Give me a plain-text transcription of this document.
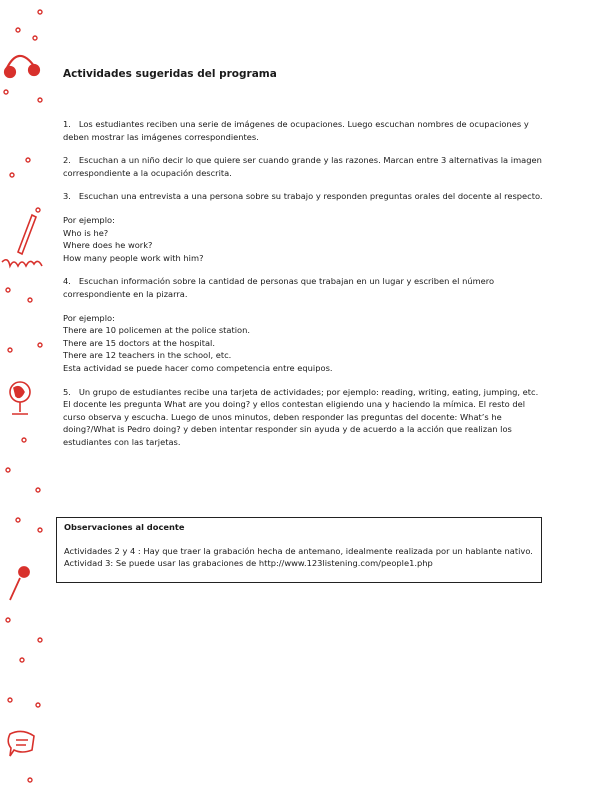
Actividades sugeridas del programa

1. Los estudiantes reciben una serie de imágenes de ocupaciones. Luego escuchan nombres de ocupaciones y deben mostrar las imágenes correspondientes.

2. Escuchan a un niño decir lo que quiere ser cuando grande y las razones. Marcan entre 3 alternativas la imagen correspondiente a la ocupación descrita.

3. Escuchan una entrevista a una persona sobre su trabajo y responden preguntas orales del docente al respecto.

Por ejemplo:
Who is he?
Where does he work?
How many people work with him?

4. Escuchan información sobre la cantidad de personas que trabajan en un lugar y escriben el número correspondiente en la pizarra.

Por ejemplo:
There are 10 policemen at the police station.
There are 15 doctors at the hospital.
There are 12 teachers in the school, etc.
Esta actividad se puede hacer como competencia entre equipos.

5. Un grupo de estudiantes recibe una tarjeta de actividades; por ejemplo: reading, writing, eating, jumping, etc. El docente les pregunta What are you doing? y ellos contestan eligiendo una y haciendo la mímica. El resto del curso observa y escucha. Luego de unos minutos, deben responder las preguntas del docente: What’s he doing?/What is Pedro doing? y deben intentar responder sin ayuda y de acuerdo a la acción que realizan los estudiantes con las tarjetas.

Observaciones al docente

Actividades 2 y 4 : Hay que traer la grabación hecha de antemano, idealmente realizada por un hablante nativo. Actividad 3: Se puede usar las grabaciones de http://www.123listening.com/people1.php
